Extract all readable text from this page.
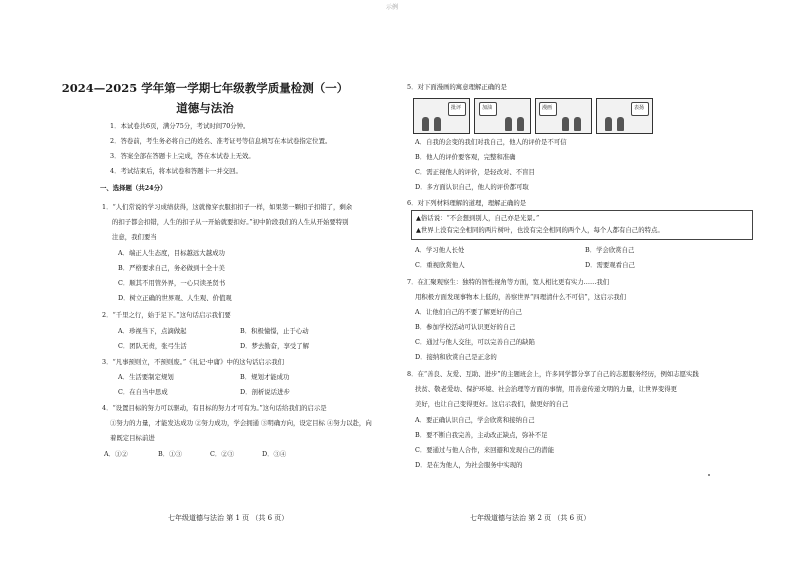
示例
2024—2025 学年第一学期七年级教学质量检测（一）
道德与法治
1．本试卷共6页，满分75分，考试时间70分钟。
2．答卷前，考生务必将自己的姓名、准考证号等信息填写在本试卷指定位置。
3．答案全部在答题卡上完成，答在本试卷上无效。
4．考试结束后，将本试卷和答题卡一并交回。
一、选择题（共24分）
1．“人们常说的学习成绩获得，这就像穿衣服扣扣子一样，如果第一颗扣子扣错了，剩余
的扣子都会扣错，人生的扣子从一开始就要扣好。”初中阶段我们的人生从开始要特别
注意，我们要当
A．端正人生态度，目标越远大越成功
B．严格要求自己，务必做到十全十美
C．顺其不用管外界，一心只读圣贤书
D．树立正确的世界观、人生观、价值观
2．“千里之行，始于足下。”这句话启示我们要
A．珍视当下，点滴做起	B．积极憧憬，止于心动
C．团队无责，张弓生活	D．梦去勤奋，享受了解
3．“凡事预则立，不预则废。”《礼记·中庸》中的这句话启示我们
A．生活要制定规划	B．规划才能成功
C．在自当中思成	D．剖析说话进步
4．“设置目标的努力可以驱动，有目标的努力才可有为。”这句话给我们的启示是
①努力的力量，才能发达成功 ②努力成功，学会拥通 ③明确方向，设定目标 ④努力以赴，向
着既定目标前进
A．①②	B．①③	C．②③	D．③④
七年级道德与法治 第 1 页 （共 6 页）
5．对下面漫画的寓意理解正确的是
批评	加油	漫画	表扬
A．自我的会变的我们对我自己，他人的评价是不可信
B．他人的评价要客观，完整和准确
C．需正视他人的评价，是轻改对、不盲目
D．多方面认识自己，他人的评价都可取
6．对下列材料理解的道理，理解正确的是
▲俗话说：“不会想到别人，自己亦是光景。”
▲世界上没有完全相同的两片树叶，也没有完全相同的两个人，每个人都有自己的特点。
A．学习他人长处	B．学会欣赏自己
C．重视欣赏他人	D．需要观看自己
7．在汇聚观察生：独特的智性视角等方面，宽人相比更有实力……我们
用积极方面发现事物本上低的，善察世界“四理清什么不可信”，这启示我们
A．让他们自己的不要了解更好的自己
B．参加学校活动可认识更好的自己
C．通过与他人交往，可以完善自己的缺陷
D．接纳和欣赏自己是正念的
8．在“善良、友爱、互助、进步”的主题班会上，许多同学都分享了自己的志愿服务经历，例如志愿实践
扶贫、敬老爱幼、保护环境、社会治理等方面的事情，用善意传递文明的力量，让世界变得更
美好，也让自己变得更好。这启示我们，做更好的自己
A．要正确认识自己，学会欣赏和接纳自己
B．要不断自我完善，主动改正缺点，弥补不足
C．要通过与他人合作，来回避和发现自己的潜能
D．是在为他人，为社会服务中实现的
七年级道德与法治 第 2 页 （共 6 页）
